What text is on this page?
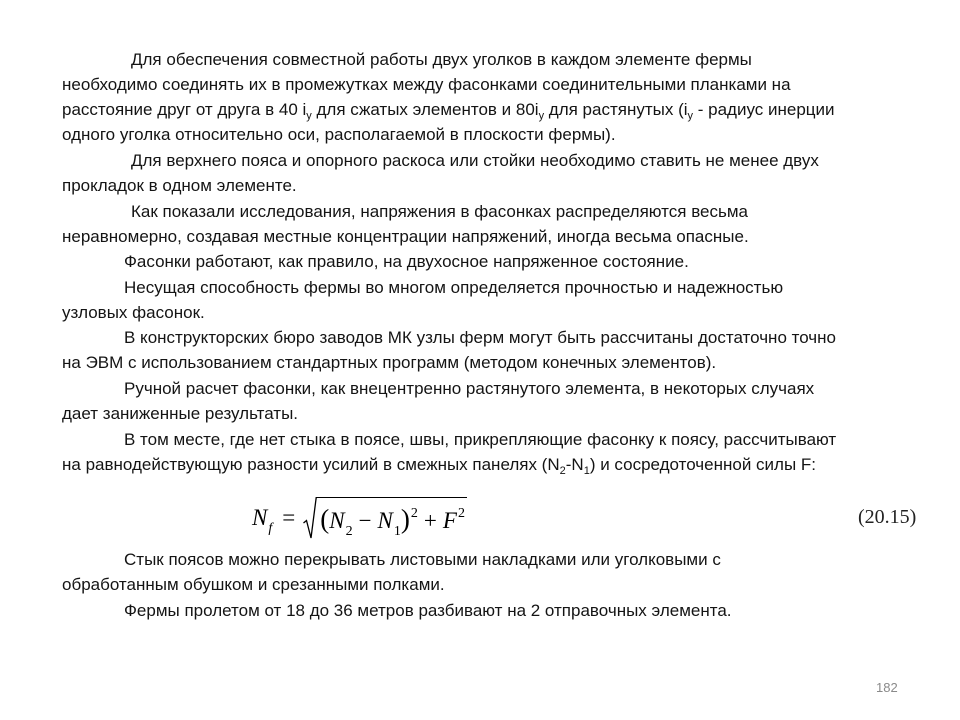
Для обеспечения совместной работы двух уголков в каждом элементе фермы
необходимо соединять их в промежутках между фасонками соединительными планками на
расстояние друг от друга в 40 $i_y$ для сжатых элементов и $80i_y$ для растянутых ($i_y$ - радиус инерции
одного уголка относительно оси, располагаемой в плоскости фермы).
Для верхнего пояса и опорного раскоса или стойки необходимо ставить не менее двух
прокладок в одном элементе.
Как показали исследования, напряжения в фасонках распределяются весьма
неравномерно, создавая местные концентрации напряжений, иногда весьма опасные.
Фасонки работают, как правило, на двухосное напряженное состояние.
Несущая способность фермы во многом определяется прочностью и надежностью
узловых фасонок.
В конструкторских бюро заводов МК узлы ферм могут быть рассчитаны достаточно точно
на ЭВМ с использованием стандартных программ (методом конечных элементов).
Ручной расчет фасонки, как внецентренно растянутого элемента, в некоторых случаях
дает заниженные результаты.
В том месте, где нет стыка в поясе, швы, прикрепляющие фасонку к поясу, рассчитывают
на равнодействующую разности усилий в смежных панелях $(N_2-N_1)$ и сосредоточенной силы F:
$N_f = (N_2 - N_1)^2 + F^2$	(20.15)
Стык поясов можно перекрывать листовыми накладками или уголковыми с
обработанным обушком и срезанными полками.
Фермы пролетом от 18 до 36 метров разбивают на 2 отправочных элемента.
182
